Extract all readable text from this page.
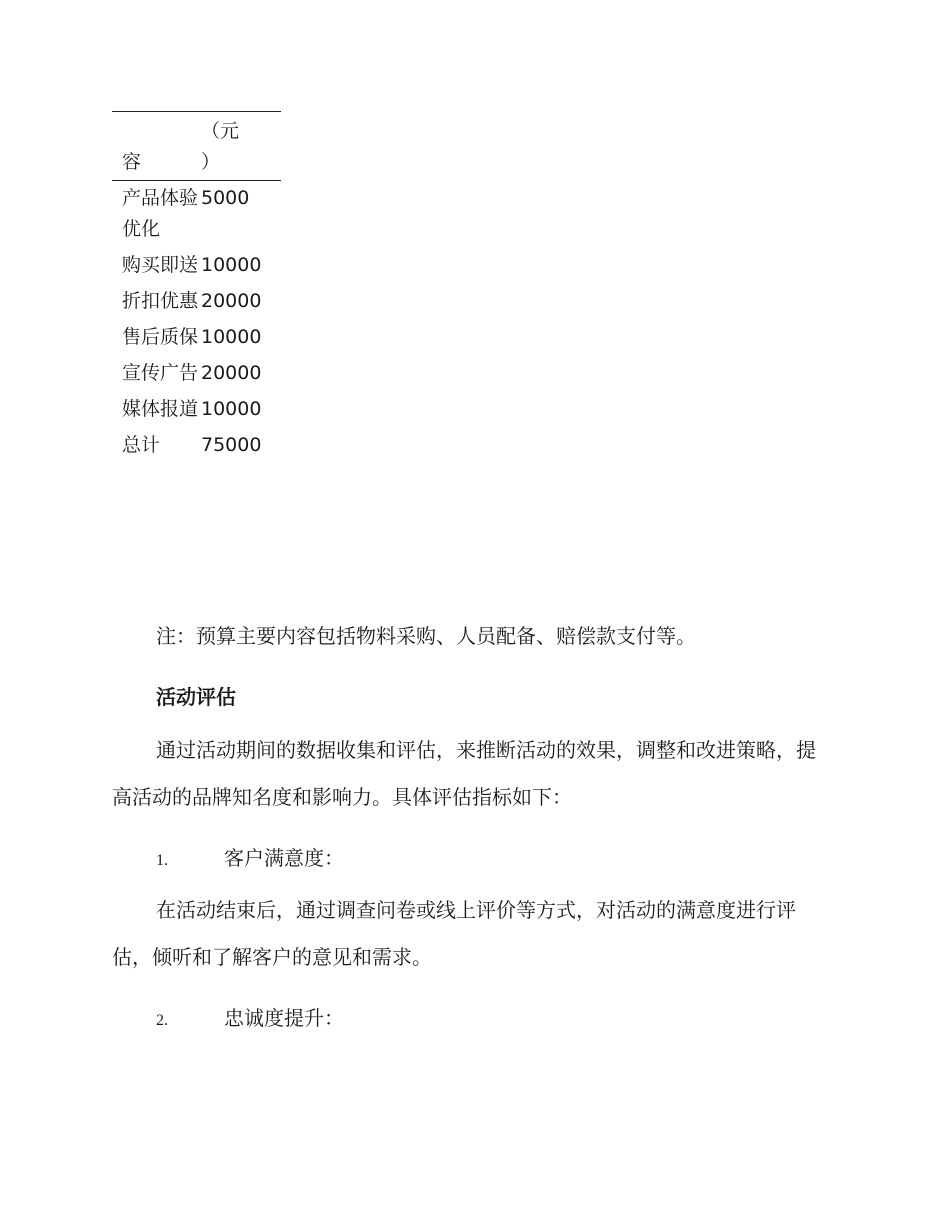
容	（元
）
产品体验优化	5000
购买即送	10000
折扣优惠	20000
售后质保	10000
宣传广告	20000
媒体报道	10000
总计	75000

注：预算主要内容包括物料采购、人员配备、赔偿款支付等。

活动评估

通过活动期间的数据收集和评估，来推断活动的效果，调整和改进策略，提高活动的品牌知名度和影响力。具体评估指标如下：

1.	客户满意度：

在活动结束后，通过调查问卷或线上评价等方式，对活动的满意度进行评估，倾听和了解客户的意见和需求。

2.	忠诚度提升：
